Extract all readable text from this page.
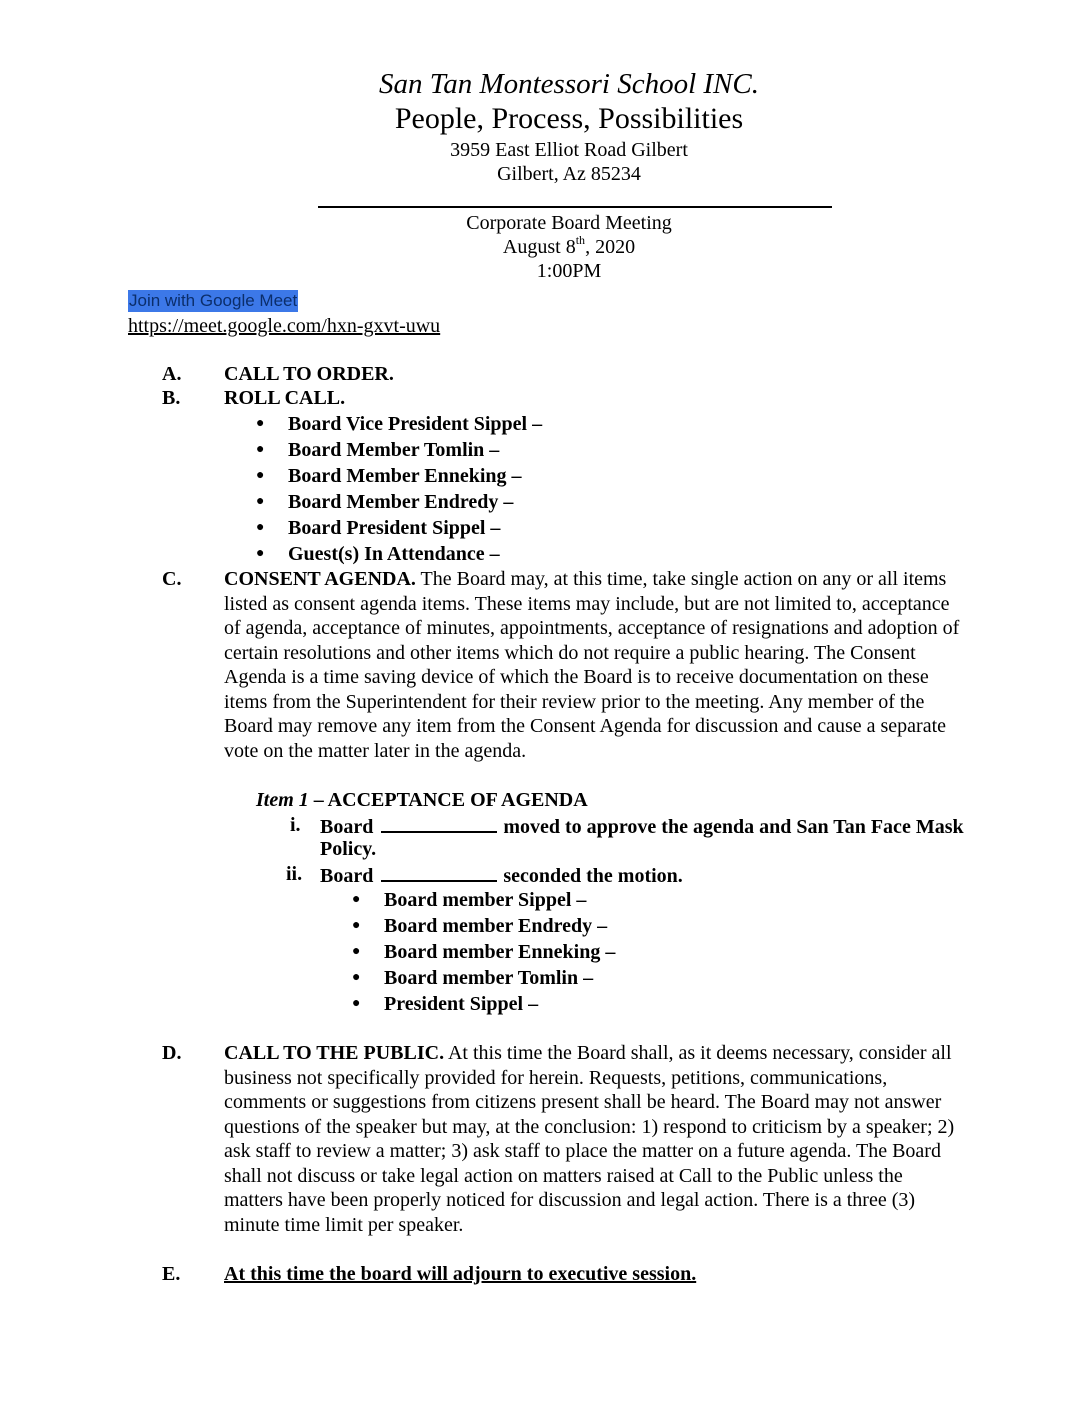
San Tan Montessori School INC.
People, Process, Possibilities
3959 East Elliot Road Gilbert
Gilbert, Az 85234
Corporate Board Meeting
August 8th, 2020
1:00PM
Join with Google Meet
https://meet.google.com/hxn-gxvt-uwu
A. CALL TO ORDER.
B. ROLL CALL.
● Board Vice President Sippel –
● Board Member Tomlin –
● Board Member Enneking –
● Board Member Endredy –
● Board President Sippel –
● Guest(s) In Attendance –
C. CONSENT AGENDA. The Board may, at this time, take single action on any or all items
listed as consent agenda items. These items may include, but are not limited to, acceptance
of agenda, acceptance of minutes, appointments, acceptance of resignations and adoption of
certain resolutions and other items which do not require a public hearing. The Consent
Agenda is a time saving device of which the Board is to receive documentation on these
items from the Superintendent for their review prior to the meeting. Any member of the
Board may remove any item from the Consent Agenda for discussion and cause a separate
vote on the matter later in the agenda.
Item 1 – ACCEPTANCE OF AGENDA
i. Board	moved to approve the agenda and San Tan Face Mask
Policy.
ii. Board	seconded the motion.
● Board member Sippel –
● Board member Endredy –
● Board member Enneking –
● Board member Tomlin –
● President Sippel –
D. CALL TO THE PUBLIC. At this time the Board shall, as it deems necessary, consider all
business not specifically provided for herein. Requests, petitions, communications,
comments or suggestions from citizens present shall be heard. The Board may not answer
questions of the speaker but may, at the conclusion: 1) respond to criticism by a speaker; 2)
ask staff to review a matter; 3) ask staff to place the matter on a future agenda. The Board
shall not discuss or take legal action on matters raised at Call to the Public unless the
matters have been properly noticed for discussion and legal action. There is a three (3)
minute time limit per speaker.
E. At this time the board will adjourn to executive session.
